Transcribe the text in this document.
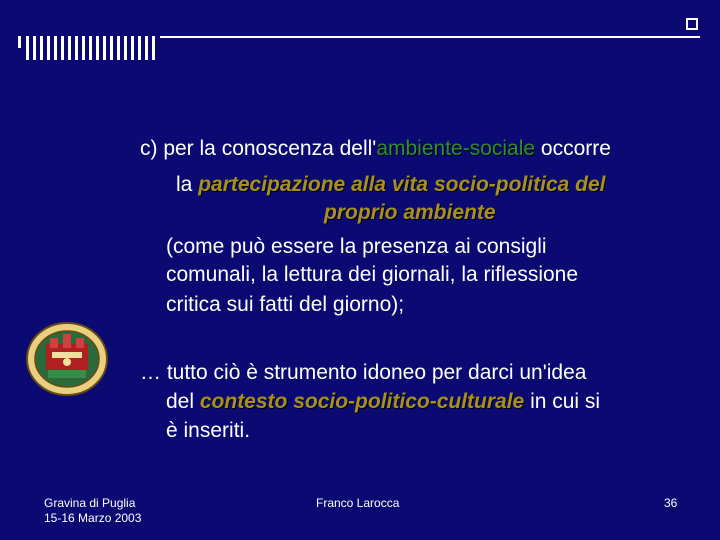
c) per la conoscenza dell'ambiente-sociale occorre
la partecipazione alla vita socio-politica del
proprio ambiente
(come può essere la presenza ai consigli
comunali, la lettura dei giornali, la riflessione
critica sui fatti del giorno);
… tutto ciò è strumento idoneo per darci un'idea
del contesto socio-politico-culturale in cui si
è inseriti.
Gravina di Puglia
15-16 Marzo 2003
Franco Larocca	36
